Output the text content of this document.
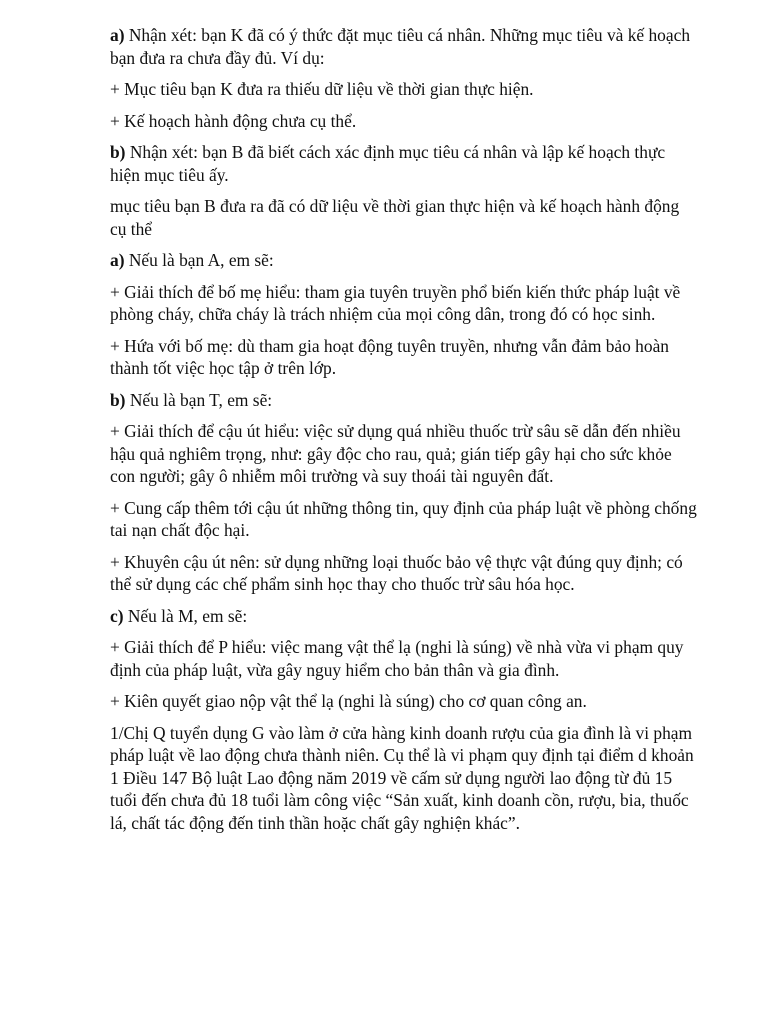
a) Nhận xét: bạn K đã có ý thức đặt mục tiêu cá nhân. Những mục tiêu và kế hoạch bạn đưa ra chưa đầy đủ. Ví dụ:

+ Mục tiêu bạn K đưa ra thiếu dữ liệu về thời gian thực hiện.

+ Kế hoạch hành động chưa cụ thể.

b) Nhận xét: bạn B đã biết cách xác định mục tiêu cá nhân và lập kế hoạch thực hiện mục tiêu ấy.

mục tiêu bạn B đưa ra đã có dữ liệu về thời gian thực hiện và kế hoạch hành động cụ thể

a) Nếu là bạn A, em sẽ:

+ Giải thích để bố mẹ hiểu: tham gia tuyên truyền phổ biến kiến thức pháp luật về phòng cháy, chữa cháy là trách nhiệm của mọi công dân, trong đó có học sinh.

+ Hứa với bố mẹ: dù tham gia hoạt động tuyên truyền, nhưng vẫn đảm bảo hoàn thành tốt việc học tập ở trên lớp.

b) Nếu là bạn T, em sẽ:

+ Giải thích để cậu út hiểu: việc sử dụng quá nhiều thuốc trừ sâu sẽ dẫn đến nhiều hậu quả nghiêm trọng, như: gây độc cho rau, quả; gián tiếp gây hại cho sức khỏe con người; gây ô nhiễm môi trường và suy thoái tài nguyên đất.

+ Cung cấp thêm tới cậu út những thông tin, quy định của pháp luật về phòng chống tai nạn chất độc hại.

+ Khuyên cậu út nên: sử dụng những loại thuốc bảo vệ thực vật đúng quy định; có thể sử dụng các chế phẩm sinh học thay cho thuốc trừ sâu hóa học.

c) Nếu là M, em sẽ:

+ Giải thích để P hiểu: việc mang vật thể lạ (nghi là súng) về nhà vừa vi phạm quy định của pháp luật, vừa gây nguy hiểm cho bản thân và gia đình.

+ Kiên quyết giao nộp vật thể lạ (nghi là súng) cho cơ quan công an.

1/Chị Q tuyển dụng G vào làm ở cửa hàng kinh doanh rượu của gia đình là vi phạm pháp luật về lao động chưa thành niên. Cụ thể là vi phạm quy định tại điểm d khoản 1 Điều 147 Bộ luật Lao động năm 2019 về cấm sử dụng người lao động từ đủ 15 tuổi đến chưa đủ 18 tuổi làm công việc “Sản xuất, kinh doanh cồn, rượu, bia, thuốc lá, chất tác động đến tinh thần hoặc chất gây nghiện khác”.
